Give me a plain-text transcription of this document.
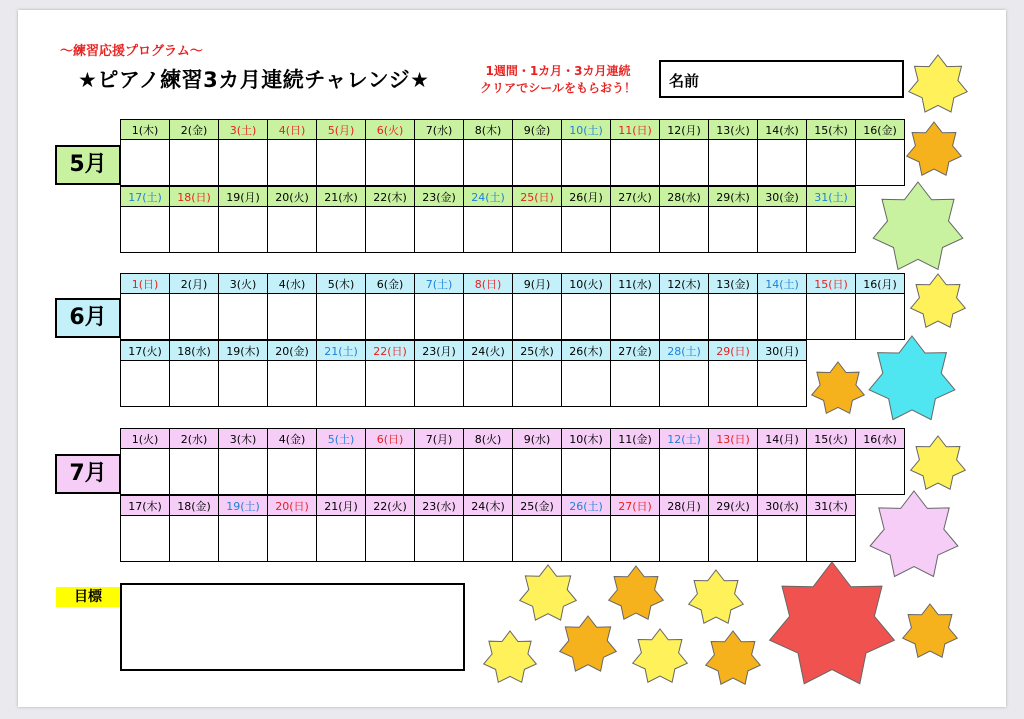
～練習応援プログラム～
★ピアノ練習3カ月連続チャレンジ★	1週間・1カ月・3カ月連続
クリアでシールをもらおう！	名前
5月
1(木)	2(金)	3(土)	4(日)	5(月)	6(火)	7(水)	8(木)	9(金)	10(土)	11(日)	12(月)	13(火)	14(水)	15(木)	16(金)

17(土)	18(日)	19(月)	20(火)	21(水)	22(木)	23(金)	24(土)	25(日)	26(月)	27(火)	28(水)	29(木)	30(金)	31(土)

6月
1(日)	2(月)	3(火)	4(水)	5(木)	6(金)	7(土)	8(日)	9(月)	10(火)	11(水)	12(木)	13(金)	14(土)	15(日)	16(月)

17(火)	18(水)	19(木)	20(金)	21(土)	22(日)	23(月)	24(火)	25(水)	26(木)	27(金)	28(土)	29(日)	30(月)

7月
1(火)	2(水)	3(木)	4(金)	5(土)	6(日)	7(月)	8(火)	9(水)	10(木)	11(金)	12(土)	13(日)	14(月)	15(火)	16(水)

17(木)	18(金)	19(土)	20(日)	21(月)	22(火)	23(水)	24(木)	25(金)	26(土)	27(日)	28(月)	29(火)	30(水)	31(木)

目標
